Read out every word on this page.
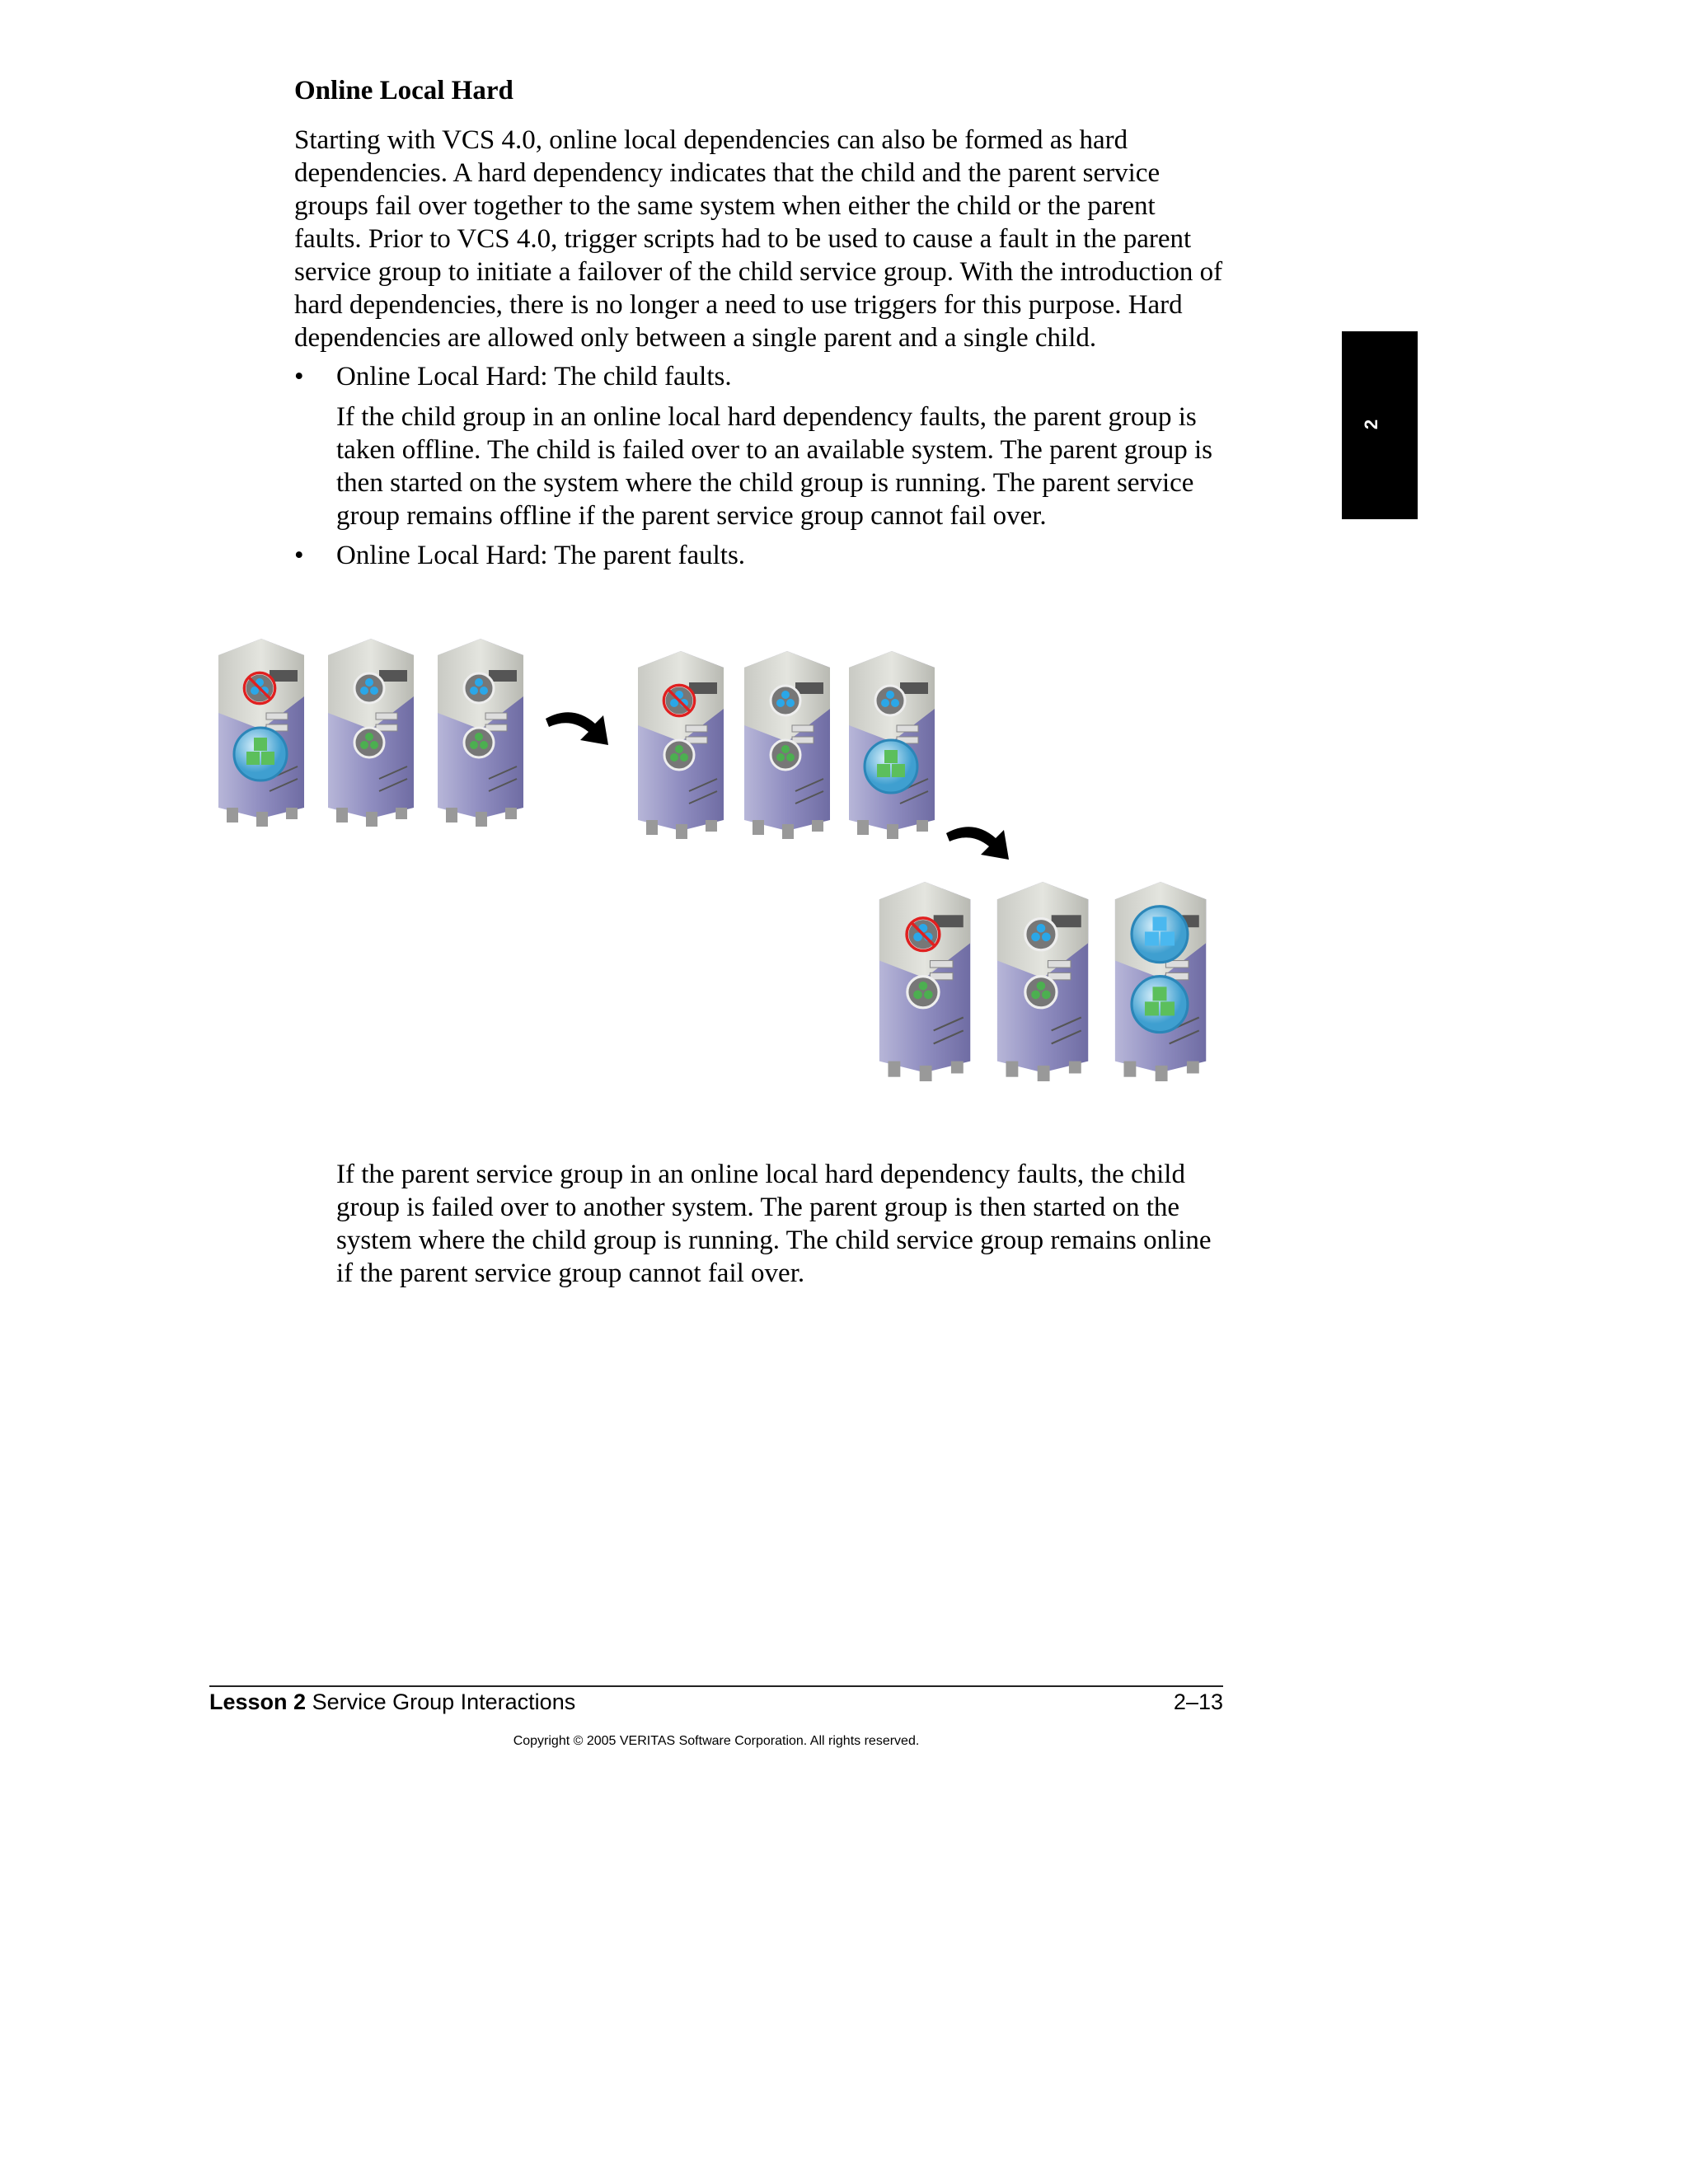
Online Local Hard
Starting with VCS 4.0, online local dependencies can also be formed as hard dependencies. A hard dependency indicates that the child and the parent service groups fail over together to the same system when either the child or the parent faults. Prior to VCS 4.0, trigger scripts had to be used to cause a fault in the parent service group to initiate a failover of the child service group. With the introduction of hard dependencies, there is no longer a need to use triggers for this purpose. Hard dependencies are allowed only between a single parent and a single child.
• Online Local Hard: The child faults.
If the child group in an online local hard dependency faults, the parent group is taken offline. The child is failed over to an available system. The parent group is then started on the system where the child group is running. The parent service group remains offline if the parent service group cannot fail over.
• Online Local Hard: The parent faults.
2
If the parent service group in an online local hard dependency faults, the child group is failed over to another system. The parent group is then started on the system where the child group is running. The child service group remains online if the parent service group cannot fail over.
Lesson 2 Service Group Interactions	2–13
Copyright © 2005 VERITAS Software Corporation. All rights reserved.
